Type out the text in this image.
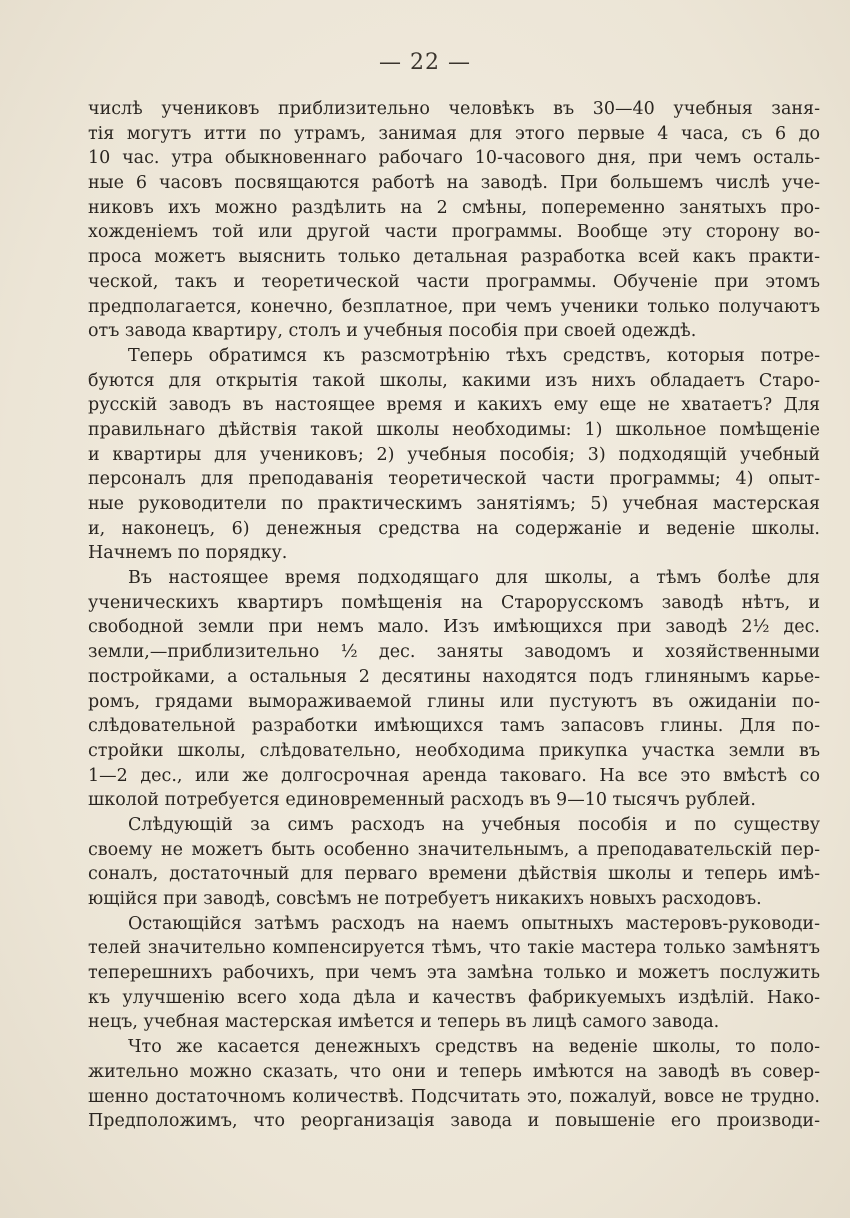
— 22 —
числѣ учениковъ приблизительно человѣкъ въ 30—40 учебныя заня-
тія могутъ итти по утрамъ, занимая для этого первые 4 часа, съ 6 до
10 час. утра обыкновеннаго рабочаго 10-часового дня, при чемъ осталь-
ные 6 часовъ посвящаются работѣ на заводѣ. При большемъ числѣ уче-
никовъ ихъ можно раздѣлить на 2 смѣны, попеременно занятыхъ про-
хожденіемъ той или другой части программы. Вообще эту сторону во-
проса можетъ выяснить только детальная разработка всей какъ практи-
ческой, такъ и теоретической части программы. Обученіе при этомъ
предполагается, конечно, безплатное, при чемъ ученики только получаютъ
отъ завода квартиру, столъ и учебныя пособія при своей одеждѣ.
Теперь обратимся къ разсмотрѣнію тѣхъ средствъ, которыя потре-
буются для открытія такой школы, какими изъ нихъ обладаетъ Старо-
русскій заводъ въ настоящее время и какихъ ему еще не хватаетъ? Для
правильнаго дѣйствія такой школы необходимы: 1) школьное помѣщеніе
и квартиры для учениковъ; 2) учебныя пособія; 3) подходящій учебный
персоналъ для преподаванія теоретической части программы; 4) опыт-
ные руководители по практическимъ занятіямъ; 5) учебная мастерская
и, наконецъ, 6) денежныя средства на содержаніе и веденіе школы.
Начнемъ по порядку.
Въ настоящее время подходящаго для школы, а тѣмъ болѣе для
ученическихъ квартиръ помѣщенія на Старорусскомъ заводѣ нѣтъ, и
свободной земли при немъ мало. Изъ имѣющихся при заводѣ 2½ дес.
земли,—приблизительно ½ дес. заняты заводомъ и хозяйственными
постройками, а остальныя 2 десятины находятся подъ глинянымъ карье-
ромъ, грядами вымораживаемой глины или пустуютъ въ ожиданіи по-
слѣдовательной разработки имѣющихся тамъ запасовъ глины. Для по-
стройки школы, слѣдовательно, необходима прикупка участка земли въ
1—2 дес., или же долгосрочная аренда таковаго. На все это вмѣстѣ со
школой потребуется единовременный расходъ въ 9—10 тысячъ рублей.
Слѣдующій за симъ расходъ на учебныя пособія и по существу
своему не можетъ быть особенно значительнымъ, а преподавательскій пер-
соналъ, достаточный для перваго времени дѣйствія школы и теперь имѣ-
ющійся при заводѣ, совсѣмъ не потребуетъ никакихъ новыхъ расходовъ.
Остающійся затѣмъ расходъ на наемъ опытныхъ мастеровъ-руководи-
телей значительно компенсируется тѣмъ, что такіе мастера только замѣнятъ
теперешнихъ рабочихъ, при чемъ эта замѣна только и можетъ послужить
къ улучшенію всего хода дѣла и качествъ фабрикуемыхъ издѣлій. Нако-
нецъ, учебная мастерская имѣется и теперь въ лицѣ самого завода.
Что же касается денежныхъ средствъ на веденіе школы, то поло-
жительно можно сказать, что они и теперь имѣются на заводѣ въ совер-
шенно достаточномъ количествѣ. Подсчитать это, пожалуй, вовсе не трудно.
Предположимъ, что реорганизація завода и повышеніе его производи-
